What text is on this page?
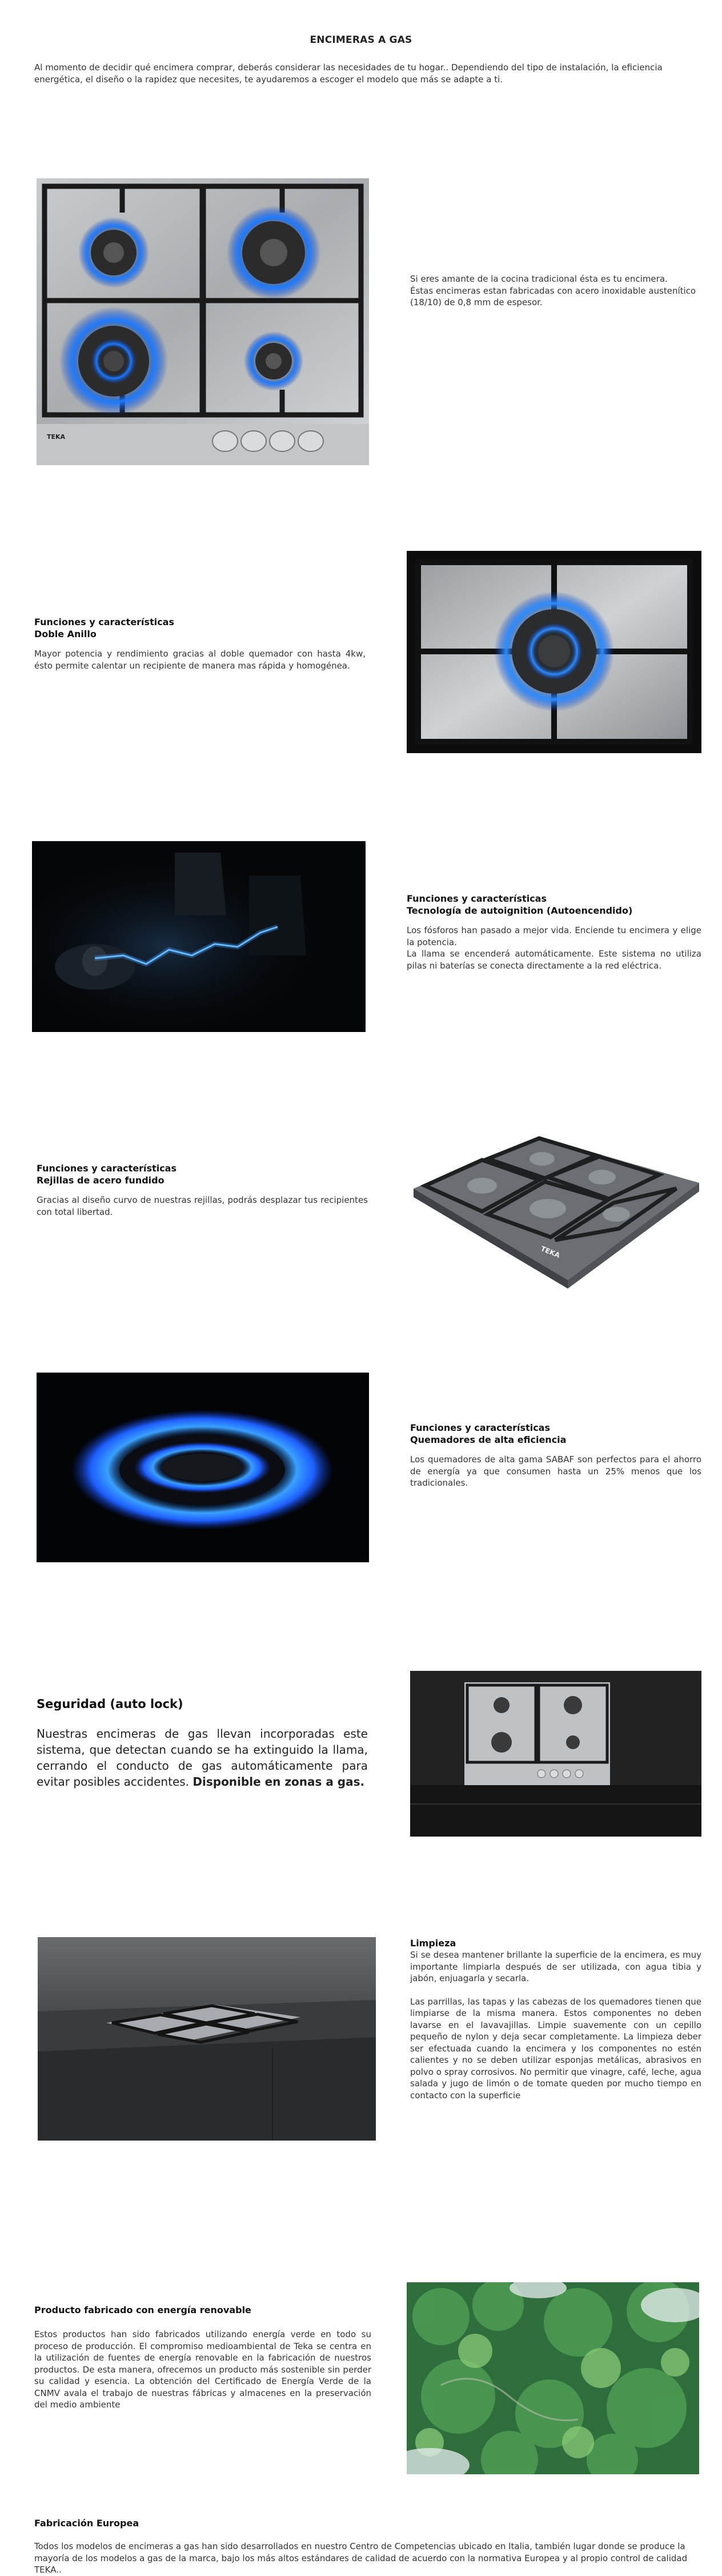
ENCIMERAS A GAS
Al momento de decidir qué encimera comprar, deberás considerar las necesidades de tu hogar.. Dependiendo del tipo de instalación, la eficiencia energética, el diseño o la rapidez que necesites, te ayudaremos a escoger el modelo que más se adapte a ti.
TEKA

Si eres amante de la cocina tradicional ésta es tu encimera.

Éstas encimeras estan fabricadas con acero inoxidable austenítico (18/10) de 0,8 mm de espesor.

Funciones y características
Doble Anillo

Mayor potencia y rendimiento gracias al doble quemador con hasta 4kw, ésto permite calentar un recipiente de manera mas rápida y homogénea.

Funciones y características
Tecnología de autoignition (Autoencendido)

Los fósforos han pasado a mejor vida. Enciende tu encimera y elige la potencia.

La llama se encenderá automáticamente. Este sistema no utiliza pilas ni baterías se conecta directamente a la red eléctrica.

Funciones y características
Rejillas de acero fundido

Gracias al diseño curvo de nuestras rejillas, podrás desplazar tus recipientes con total libertad.

TEKA
Funciones y características
Quemadores de alta eficiencia

Los quemadores de alta gama SABAF son perfectos para el ahorro de energía ya que consumen hasta un 25% menos que los tradicionales.

Seguridad (auto lock)

Nuestras encimeras de gas llevan incorporadas este sistema, que detectan cuando se ha extinguido la llama, cerrando el conducto de gas automáticamente para evitar posibles accidentes. Disponible en zonas a gas.

Limpieza

Si se desea mantener brillante la superficie de la encimera, es muy importante limpiarla después de ser utilizada, con agua tibia y jabón, enjuagarla y secarla.

Las parrillas, las tapas y las cabezas de los quemadores tienen que limpiarse de la misma manera. Estos componentes no deben lavarse en el lavavajillas. Limpie suavemente con un cepillo pequeño de nylon y deja secar completamente. La limpieza deber ser efectuada cuando la encimera y los componentes no estén calientes y no se deben utilizar esponjas metálicas, abrasivos en polvo o spray corrosivos. No permitir que vinagre, café, leche, agua salada y jugo de limón o de tomate queden por mucho tiempo en contacto con la superficie

Producto fabricado con energía renovable

Estos productos han sido fabricados utilizando energía verde en todo su proceso de producción. El compromiso medioambiental de Teka se centra en la utilización de fuentes de energía renovable en la fabricación de nuestros productos. De esta manera, ofrecemos un producto más sostenible sin perder su calidad y esencia. La obtención del Certificado de Energía Verde de la CNMV avala el trabajo de nuestras fábricas y almacenes en la preservación del medio ambiente

Fabricación Europea

Todos los modelos de encimeras a gas han sido desarrollados en nuestro Centro de Competencias ubicado en Italia, también lugar donde se produce la mayoría de los modelos a gas de la marca, bajo los más altos estándares de calidad de acuerdo con la normativa Europea y al propio control de calidad TEKA..
